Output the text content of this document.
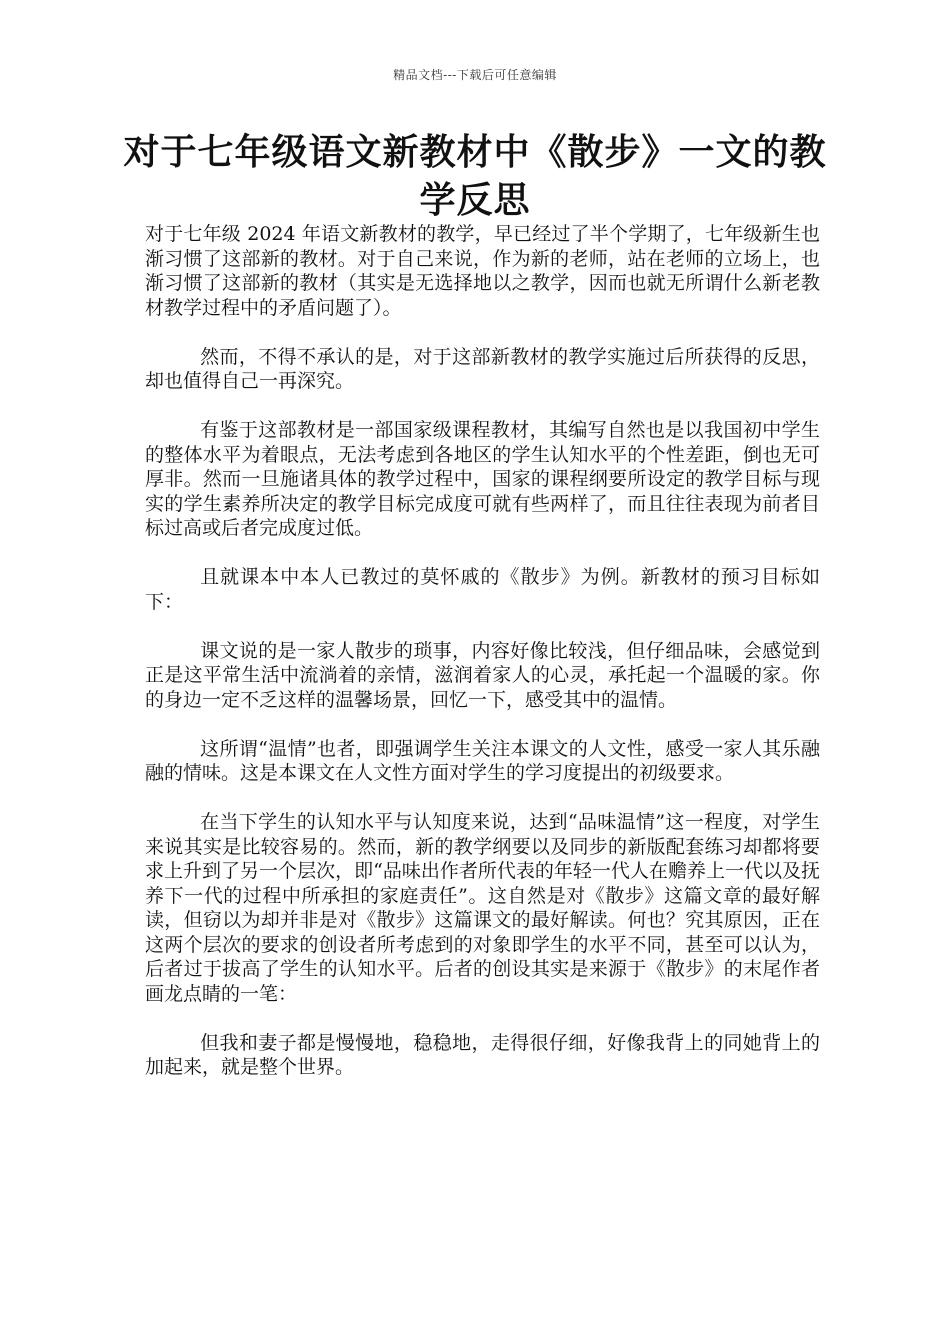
精品文档---下载后可任意编辑
对于七年级语文新教材中《散步》一文的教学反思

对于七年级 2024 年语文新教材的教学，早已经过了半个学期了，七年级新生也渐习惯了这部新的教材。对于自己来说，作为新的老师，站在老师的立场上，也渐习惯了这部新的教材（其实是无选择地以之教学，因而也就无所谓什么新老教材教学过程中的矛盾问题了）。

然而，不得不承认的是，对于这部新教材的教学实施过后所获得的反思，却也值得自己一再深究。

有鉴于这部教材是一部国家级课程教材，其编写自然也是以我国初中学生的整体水平为着眼点，无法考虑到各地区的学生认知水平的个性差距，倒也无可厚非。然而一旦施诸具体的教学过程中，国家的课程纲要所设定的教学目标与现实的学生素养所决定的教学目标完成度可就有些两样了，而且往往表现为前者目标过高或后者完成度过低。

且就课本中本人已教过的莫怀戚的《散步》为例。新教材的预习目标如下：

课文说的是一家人散步的琐事，内容好像比较浅，但仔细品味，会感觉到正是这平常生活中流淌着的亲情，滋润着家人的心灵，承托起一个温暖的家。你的身边一定不乏这样的温馨场景，回忆一下，感受其中的温情。

这所谓“温情”也者，即强调学生关注本课文的人文性，感受一家人其乐融融的情味。这是本课文在人文性方面对学生的学习度提出的初级要求。

在当下学生的认知水平与认知度来说，达到“品味温情”这一程度，对学生来说其实是比较容易的。然而，新的教学纲要以及同步的新版配套练习却都将要求上升到了另一个层次，即“品味出作者所代表的年轻一代人在赡养上一代以及抚养下一代的过程中所承担的家庭责任”。这自然是对《散步》这篇文章的最好解读，但窃以为却并非是对《散步》这篇课文的最好解读。何也？究其原因，正在这两个层次的要求的创设者所考虑到的对象即学生的水平不同，甚至可以认为，后者过于拔高了学生的认知水平。后者的创设其实是来源于《散步》的末尾作者画龙点睛的一笔：

但我和妻子都是慢慢地，稳稳地，走得很仔细，好像我背上的同她背上的加起来，就是整个世界。
